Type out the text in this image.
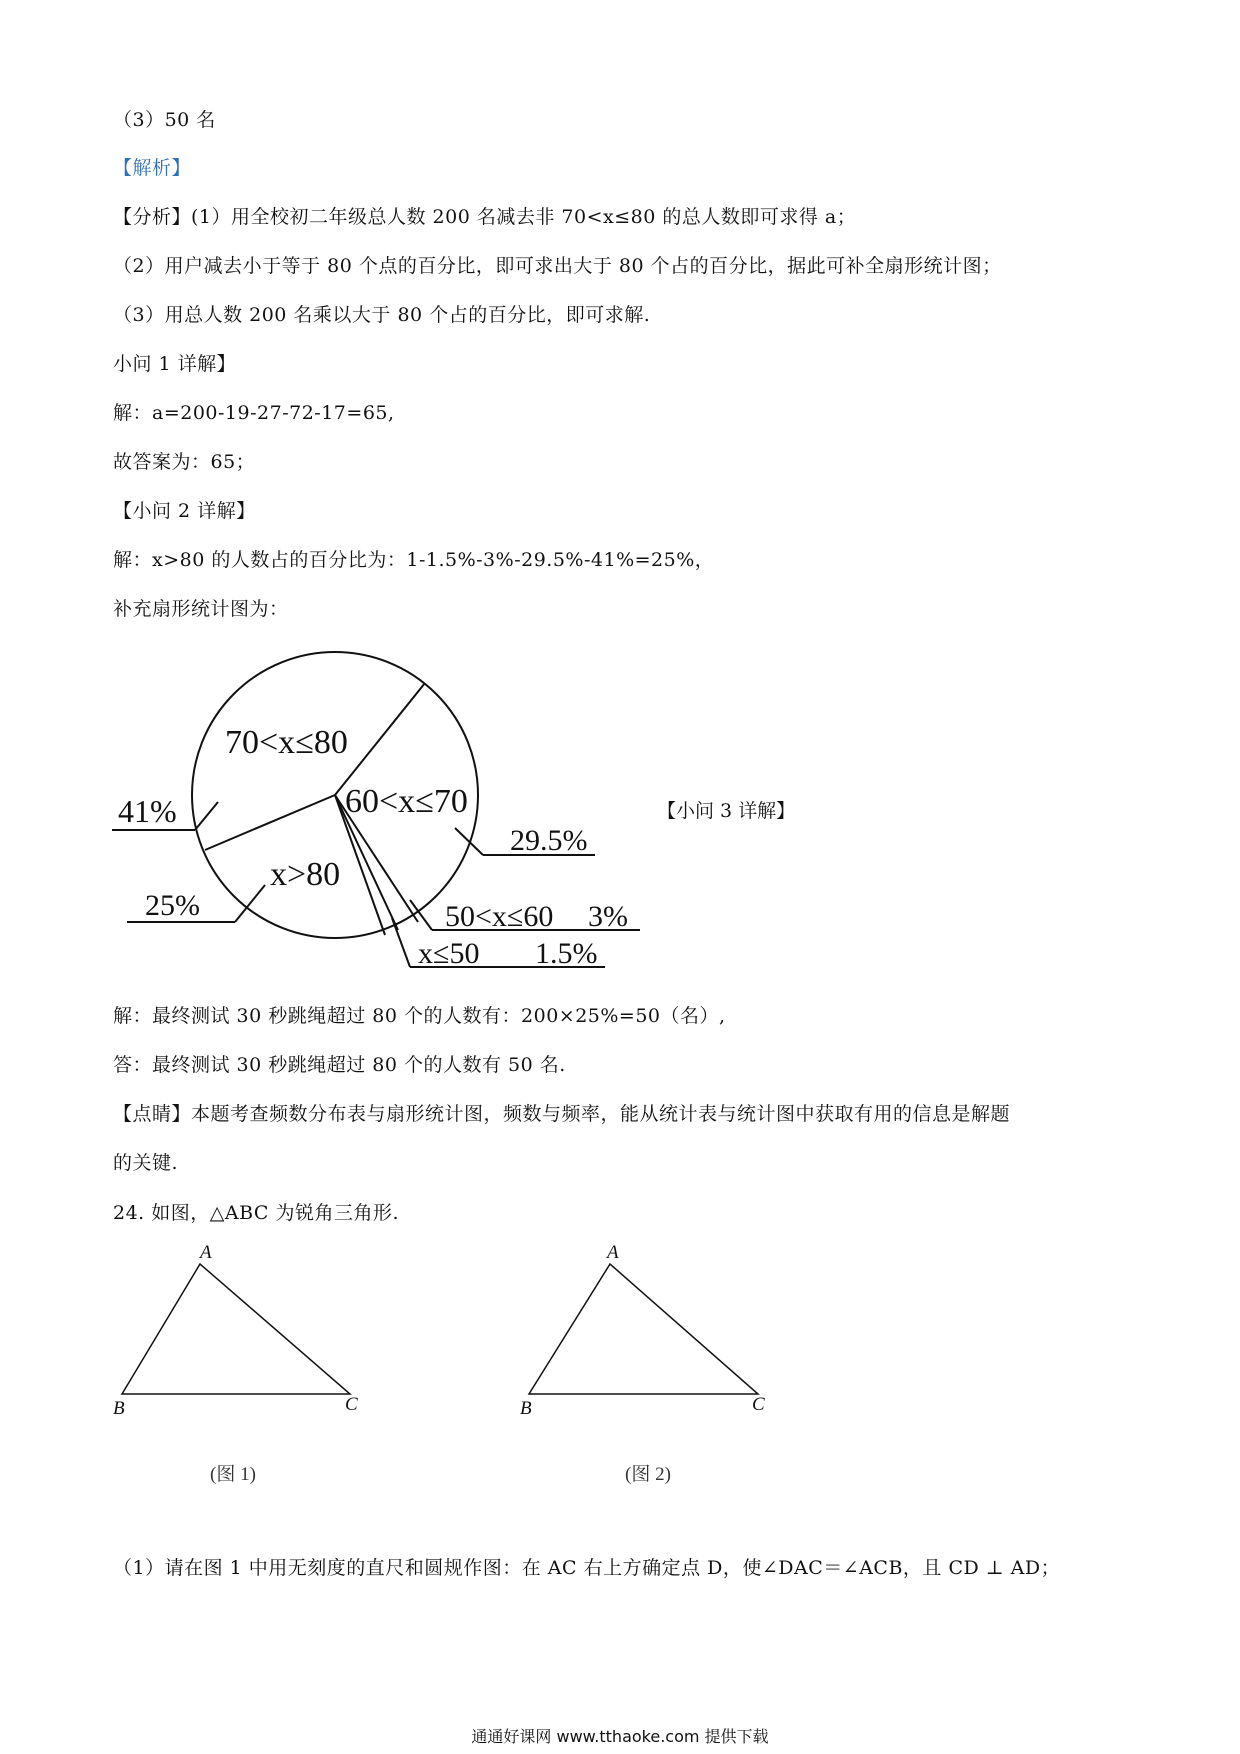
（3）50 名
【解析】
【分析】(1）用全校初二年级总人数 200 名减去非 70<x≤80 的总人数即可求得 a；
（2）用户减去小于等于 80 个点的百分比，即可求出大于 80 个占的百分比，据此可补全扇形统计图；
（3）用总人数 200 名乘以大于 80 个占的百分比，即可求解.
小问 1 详解】
解：a=200-19-27-72-17=65,
故答案为：65；
【小问 2 详解】
解：x>80 的人数占的百分比为：1-1.5%-3%-29.5%-41%=25%，
补充扇形统计图为：
70<x≤80
60<x≤70
x>80
50<x≤60
x≤50
41%
29.5%
25%	3%
1.5%
【小问 3 详解】
解：最终测试 30 秒跳绳超过 80 个的人数有：200×25%=50（名）,
答：最终测试 30 秒跳绳超过 80 个的人数有 50 名.
【点睛】本题考查频数分布表与扇形统计图，频数与频率，能从统计表与统计图中获取有用的信息是解题
的关键.
24. 如图，△ABC 为锐角三角形.
A
B	C
(图 1)
A
B	C
(图 2)
（1）请在图 1 中用无刻度的直尺和圆规作图：在 AC 右上方确定点 D，使∠DAC＝∠ACB，且 CD ⊥ AD；
通通好课网 www.tthaoke.com 提供下载
